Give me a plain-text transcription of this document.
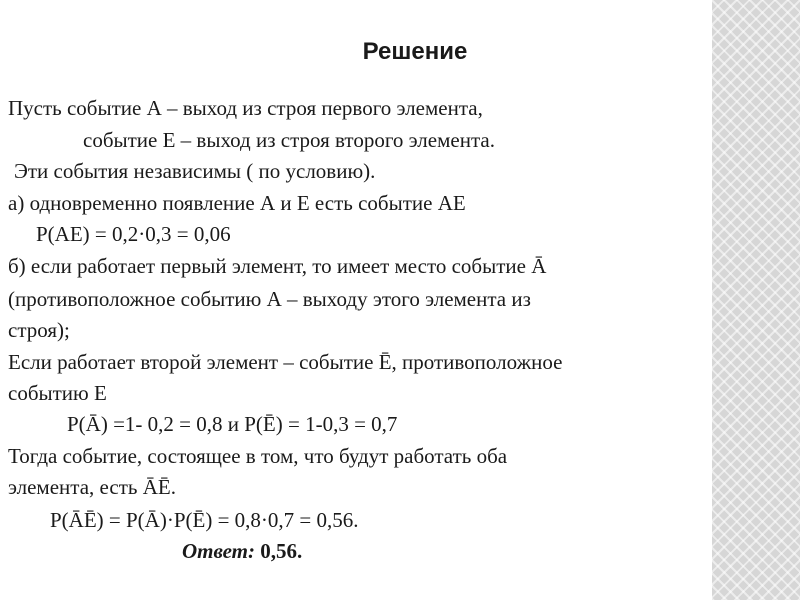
Решение
Пусть событие А – выход из строя первого элемента,
событие Е – выход из строя второго элемента.
Эти события независимы ( по условию).
а) одновременно появление А и Е есть событие АЕ
Р(АЕ) = 0,2·0,3 = 0,06
б) если работает первый элемент, то имеет место событие Ā
(противоположное событию А – выходу этого элемента из
строя);
Если работает второй элемент – событие Ē, противоположное
событию Е
Р(Ā) =1- 0,2 = 0,8 и Р(Ē) = 1-0,3 = 0,7
Тогда событие, состоящее в том, что будут работать оба
элемента, есть ĀĒ.
Р(ĀĒ) = Р(Ā)·Р(Ē) = 0,8·0,7 = 0,56.
Ответ: 0,56.
